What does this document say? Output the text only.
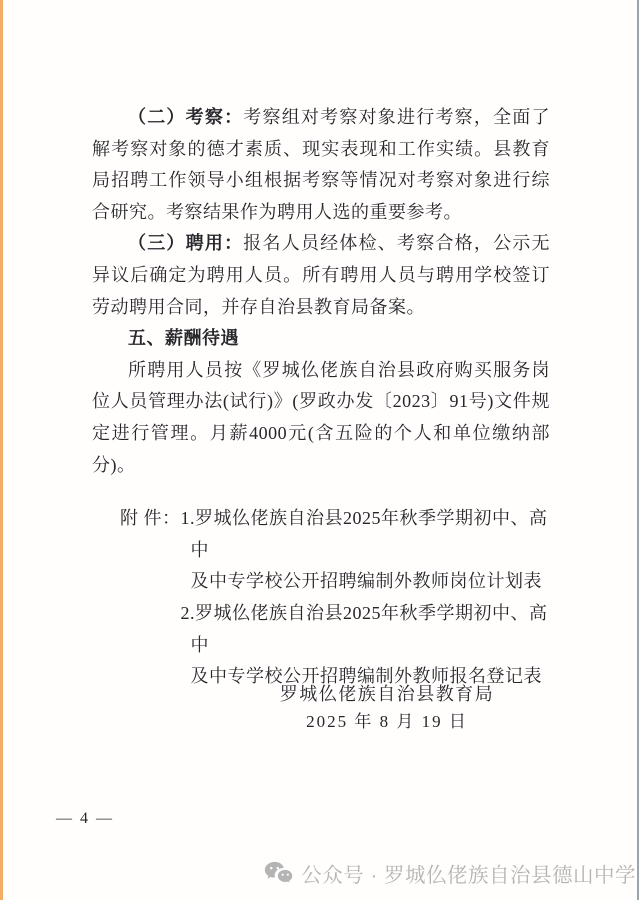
（二）考察：考察组对考察对象进行考察，全面了解考察对象的德才素质、现实表现和工作实绩。县教育局招聘工作领导小组根据考察等情况对考察对象进行综合研究。考察结果作为聘用人选的重要参考。

（三）聘用：报名人员经体检、考察合格，公示无异议后确定为聘用人员。所有聘用人员与聘用学校签订劳动聘用合同，并存自治县教育局备案。

五、薪酬待遇

所聘用人员按《罗城仫佬族自治县政府购买服务岗位人员管理办法(试行)》(罗政办发〔2023〕91号)文件规定进行管理。月薪4000元(含五险的个人和单位缴纳部分)。

附 件： 1.罗城仫佬族自治县2025年秋季学期初中、高中
及中专学校公开招聘编制外教师岗位计划表

2.罗城仫佬族自治县2025年秋季学期初中、高中
及中专学校公开招聘编制外教师报名登记表

罗城仫佬族自治县教育局
2025 年 8 月 19 日
— 4 —
公众号 · 罗城仫佬族自治县德山中学
